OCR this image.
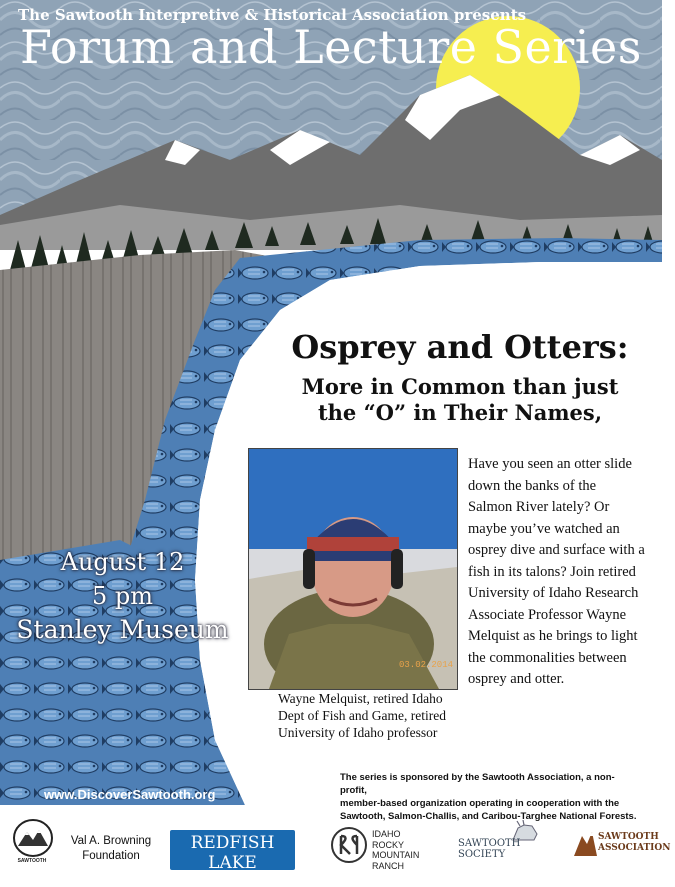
The Sawtooth Interpretive & Historical Association presents
Forum and Lecture Series
Osprey and Otters:
More in Common than just
the “O” in Their Names,
August 12
5 pm
Stanley Museum
03.02.2014
Wayne Melquist, retired Idaho
Dept of Fish and Game, retired
University of Idaho professor
Have you seen an otter slide
down the banks of the
Salmon River lately? Or
maybe you’ve watched an
osprey dive and surface with a
fish in its talons? Join retired
University of Idaho Research
Associate Professor Wayne
Melquist as he brings to light
the commonalities between
osprey and otter.
www.DiscoverSawtooth.org
The series is sponsored by the Sawtooth Association, a non-profit,
member-based organization operating in cooperation with the
Sawtooth, Salmon-Challis, and Caribou-Targhee National Forests.
SAWTOOTH
Val A. Browning
Foundation
REDFISH LAKE
LODGE
IDAHO
ROCKY
MOUNTAIN
RANCH
SAWTOOTH SOCIETY
SAWTOOTH
ASSOCIATION
